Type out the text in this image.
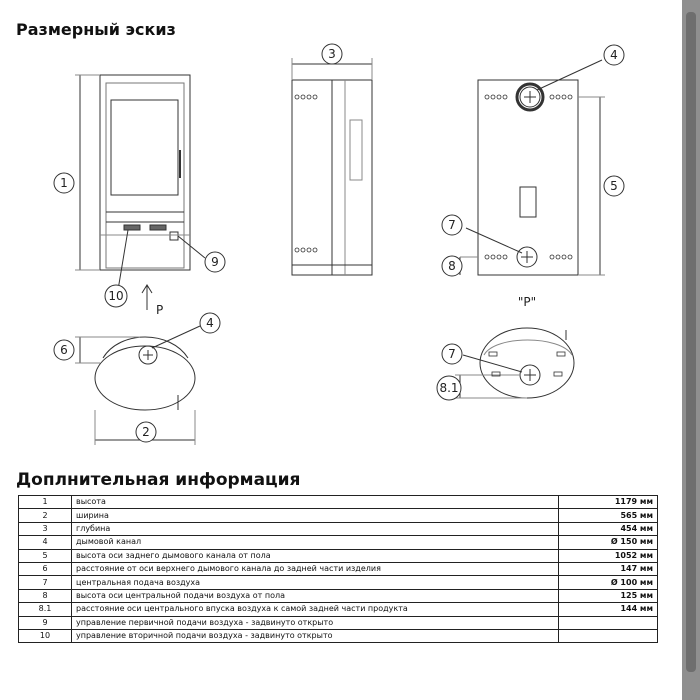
Размерный эскиз
1
9
10
3	4
5
7
8
4
6
2
7
8.1
P
"P"
Доплнительная информация
1	высота	1179 мм
2	ширина	565 мм
3	глубина	454 мм
4	дымовой канал	Ø 150 мм
5	высота оси заднего дымового канала от пола	1052 мм
6	расстояние от оси верхнего дымового канала до задней части изделия	147 мм
7	центральная подача воздуха	Ø 100 мм
8	высота оси центральной подачи воздуха от пола	125 мм
8.1	расстояние оси центрального впуска воздуха к самой задней части продукта	144 мм
9	управление первичной подачи воздуха - задвинуто открыто	
10	управление вторичной подачи воздуха - задвинуто открыто	
